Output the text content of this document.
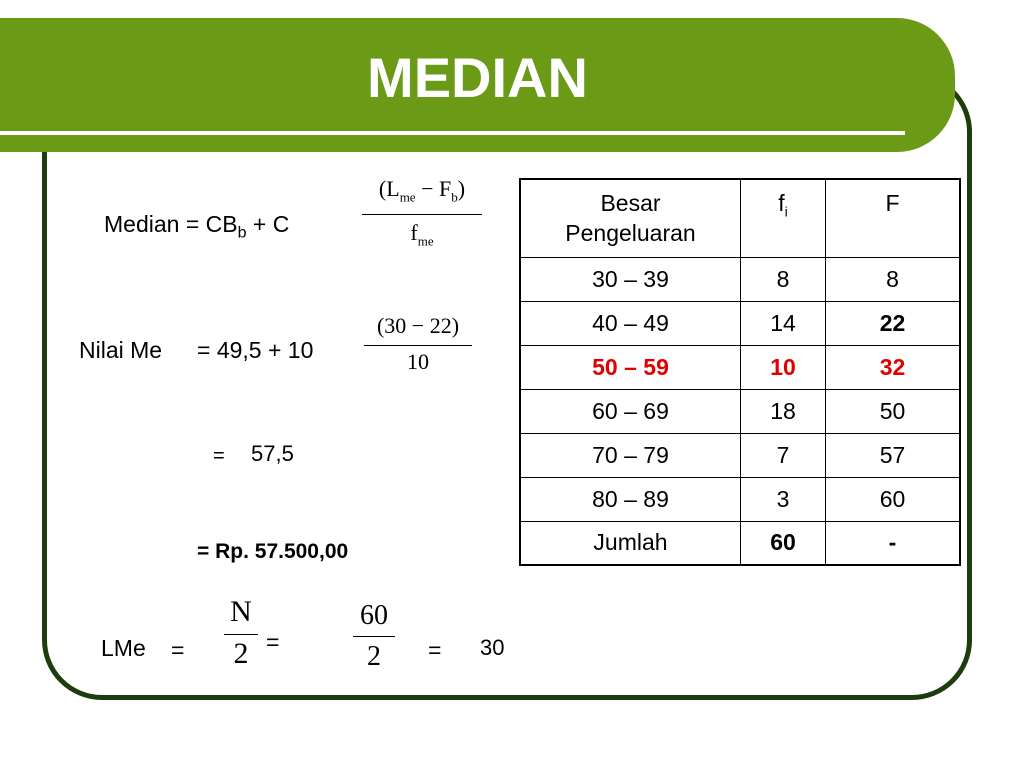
MEDIAN
Median = $CB_b + C$
$(L_{me} - F_b)$
$f_{me}$
Nilai Me = 49,5 + 10
(30 − 22)
10
= 57,5
= Rp. 57.500,00
LMe =
N
2 =
60
2	= 30
Besar
Pengeluaran	$f_i$	F
30 – 39	8	8
40 – 49	14	22
50 – 59	10	32
60 – 69	18	50
70 – 79	7	57
80 – 89	3	60
Jumlah	60	-
